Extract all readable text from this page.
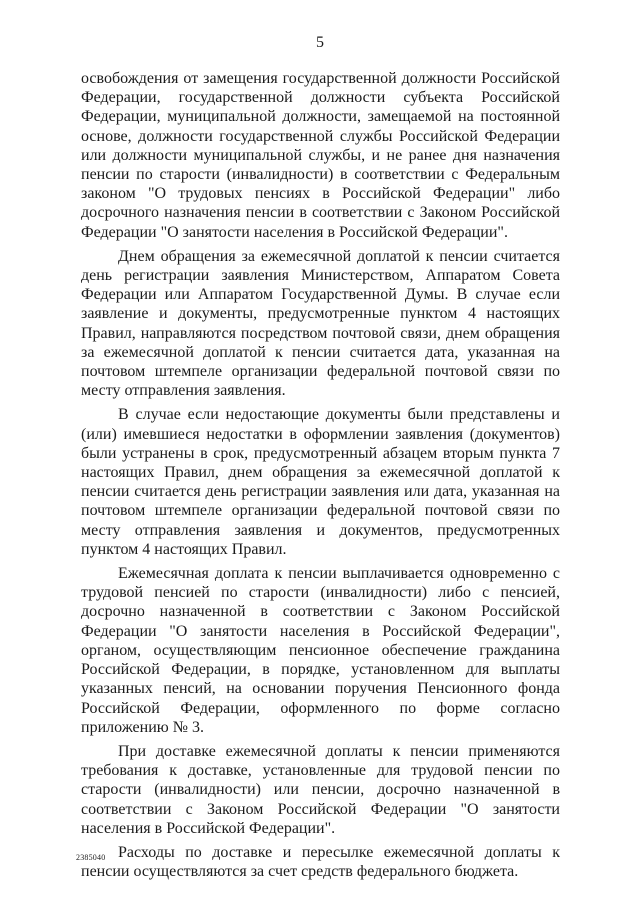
5

освобождения от замещения государственной должности Российской Федерации, государственной должности субъекта Российской Федерации, муниципальной должности, замещаемой на постоянной основе, должности государственной службы Российской Федерации или должности муниципальной службы, и не ранее дня назначения пенсии по старости (инвалидности) в соответствии с Федеральным законом "О трудовых пенсиях в Российской Федерации" либо досрочного назначения пенсии в соответствии с Законом Российской Федерации "О занятости населения в Российской Федерации".

Днем обращения за ежемесячной доплатой к пенсии считается день регистрации заявления Министерством, Аппаратом Совета Федерации или Аппаратом Государственной Думы. В случае если заявление и документы, предусмотренные пунктом 4 настоящих Правил, направляются посредством почтовой связи, днем обращения за ежемесячной доплатой к пенсии считается дата, указанная на почтовом штемпеле организации федеральной почтовой связи по месту отправления заявления.

В случае если недостающие документы были представлены и (или) имевшиеся недостатки в оформлении заявления (документов) были устранены в срок, предусмотренный абзацем вторым пункта 7 настоящих Правил, днем обращения за ежемесячной доплатой к пенсии считается день регистрации заявления или дата, указанная на почтовом штемпеле организации федеральной почтовой связи по месту отправления заявления и документов, предусмотренных пунктом 4 настоящих Правил.

Ежемесячная доплата к пенсии выплачивается одновременно с трудовой пенсией по старости (инвалидности) либо с пенсией, досрочно назначенной в соответствии с Законом Российской Федерации "О занятости населения в Российской Федерации", органом, осуществляющим пенсионное обеспечение гражданина Российской Федерации, в порядке, установленном для выплаты указанных пенсий, на основании поручения Пенсионного фонда Российской Федерации, оформленного по форме согласно приложению № 3.

При доставке ежемесячной доплаты к пенсии применяются требования к доставке, установленные для трудовой пенсии по старости (инвалидности) или пенсии, досрочно назначенной в соответствии с Законом Российской Федерации "О занятости населения в Российской Федерации".

Расходы по доставке и пересылке ежемесячной доплаты к пенсии осуществляются за счет средств федерального бюджета.

2385040
